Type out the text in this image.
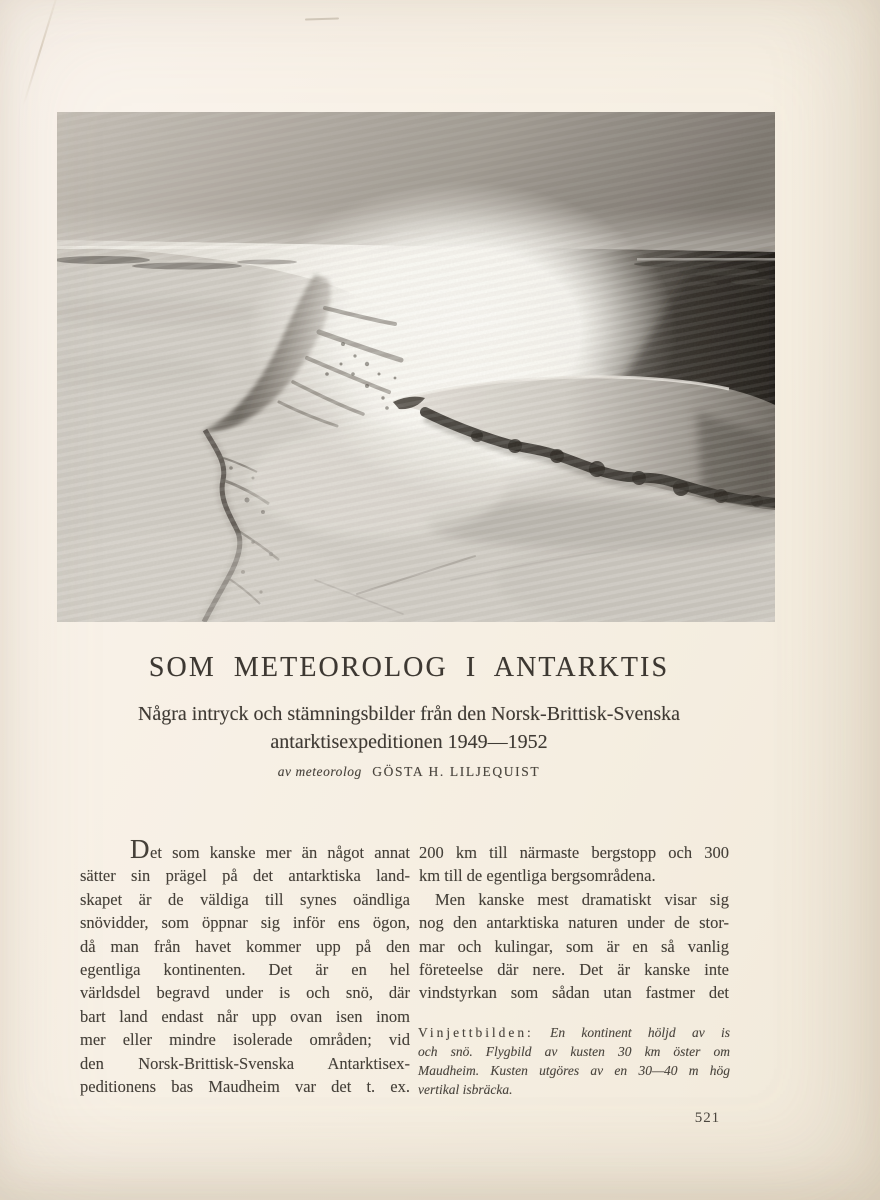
SOM METEOROLOG I ANTARKTIS
Några intryck och stämningsbilder från den Norsk-Brittisk-Svenska
antarktisexpeditionen 1949—1952
av meteorolog GÖSTA H. LILJEQUIST
Det som kanske mer än något annat
sätter sin prägel på det antarktiska land-
skapet är de väldiga till synes oändliga
snövidder, som öppnar sig inför ens ögon,
då man från havet kommer upp på den
egentliga kontinenten. Det är en hel
världsdel begravd under is och snö, där
bart land endast når upp ovan isen inom
mer eller mindre isolerade områden; vid
den Norsk-Brittisk-Svenska Antarktisex-
peditionens bas Maudheim var det t. ex.
200 km till närmaste bergstopp och 300
km till de egentliga bergsområdena.
Men kanske mest dramatiskt visar sig
nog den antarktiska naturen under de stor-
mar och kulingar, som är en så vanlig
företeelse där nere. Det är kanske inte
vindstyrkan som sådan utan fastmer det
Vinjettbilden: En kontinent höljd av is
och snö. Flygbild av kusten 30 km öster om
Maudheim. Kusten utgöres av en 30—40 m hög
vertikal isbräcka.
521
